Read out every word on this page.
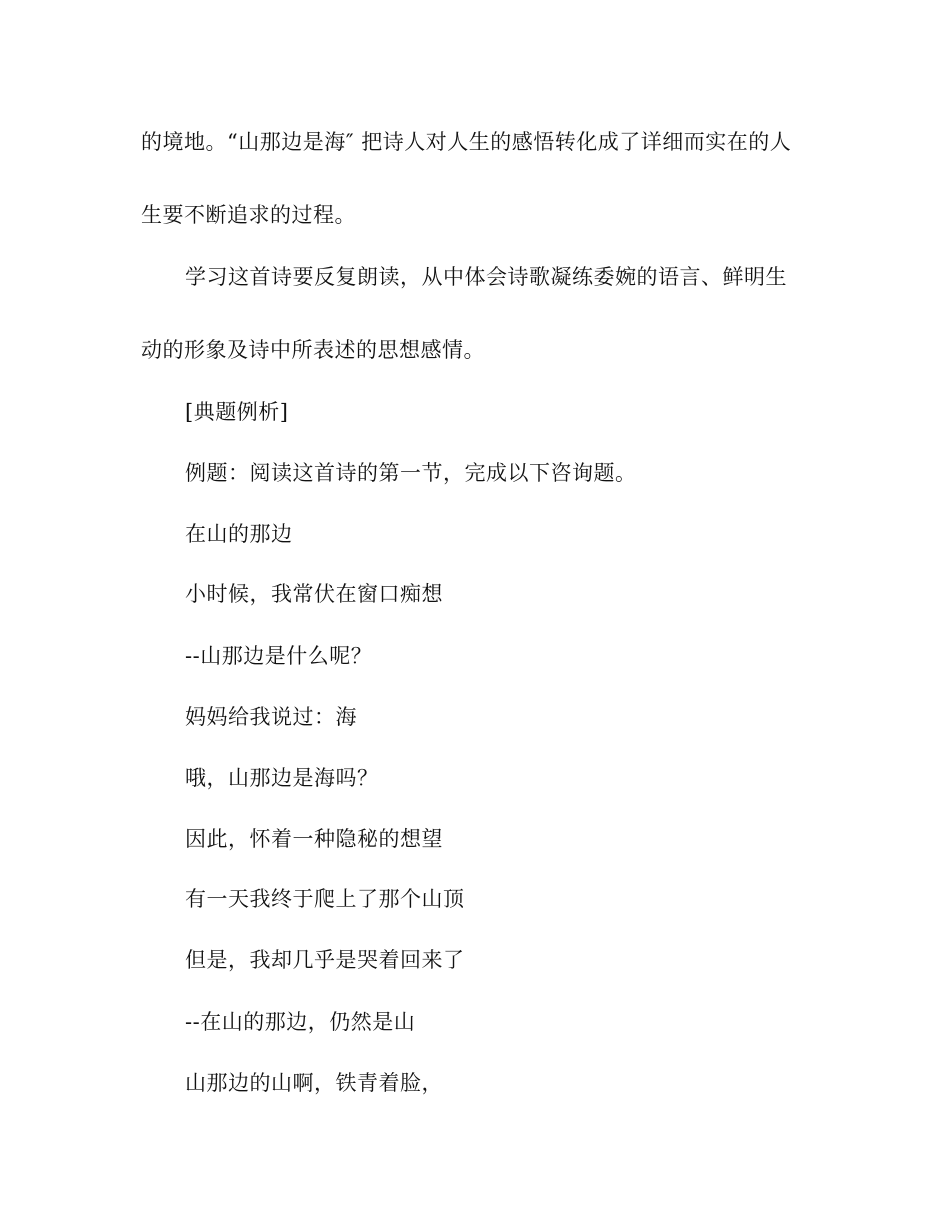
的境地。“山那边是海″ 把诗人对人生的感悟转化成了详细而实在的人
生要不断追求的过程。
学习这首诗要反复朗读，从中体会诗歌凝练委婉的语言、鲜明生
动的形象及诗中所表述的思想感情。
[典题例析]
例题：阅读这首诗的第一节，完成以下咨询题。
在山的那边
小时候，我常伏在窗口痴想
--山那边是什么呢？
妈妈给我说过：海
哦，山那边是海吗？
因此，怀着一种隐秘的想望
有一天我终于爬上了那个山顶
但是，我却几乎是哭着回来了
--在山的那边，仍然是山
山那边的山啊，铁青着脸，
